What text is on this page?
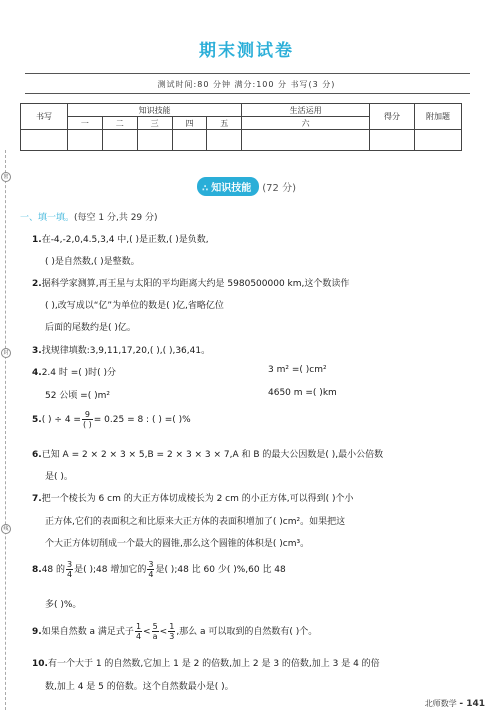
密
封
线
期末测试卷
测试时间:80 分钟 满分:100 分 书写(3 分)
书写	知识技能					生活运用	得分	附加题
	一	二	三	四	五	六		

∴ 知识技能 (72 分)
一、填一填。(每空 1 分,共 29 分)
1.在-4,-2,0,4.5,3,4 中,( )是正数,( )是负数,
( )是自然数,( )是整数。
2.据科学家测算,再王星与太阳的平均距离大约是 5980500000 km,这个数读作
( ),改写成以“亿”为单位的数是( )亿,省略亿位
后面的尾数约是( )亿。
3.找规律填数:3,9,11,17,20,( ),( ),36,41。
4.2.4 时 =( )时( )分	3 m² =( )cm²
52 公顷 =( )m²	4650 m =( )km
5.( ) ÷ $4 = \frac{9}{( )} = 0.25 = 8$ : ( ) =( )%
6.已知 A = 2 × 2 × 3 × 5,B = 2 × 3 × 3 × 7,A 和 B 的最大公因数是( ),最小公倍数
是( )。
7.把一个棱长为 6 cm 的大正方体切成棱长为 2 cm 的小正方体,可以得到( )个小
正方体,它们的表面积之和比原来大正方体的表面积增加了( )cm²。如果把这
个大正方体切削成一个最大的圆锥,那么这个圆锥的体积是( )cm³。
8.48 的 $\frac{3}{4}$ 是( );48 增加它的 $\frac{3}{4}$ 是( );48 比 60 少( )%,60 比 48
多( )%。
9.如果自然数 a 满足式子 $\frac{1}{4} < \frac{5}{a} < \frac{1}{3}$ ,那么 a 可以取到的自然数有( )个。
10.有一个大于 1 的自然数,它加上 1 是 2 的倍数,加上 2 是 3 的倍数,加上 3 是 4 的倍
数,加上 4 是 5 的倍数。这个自然数最小是( )。
北师数学 - 141
